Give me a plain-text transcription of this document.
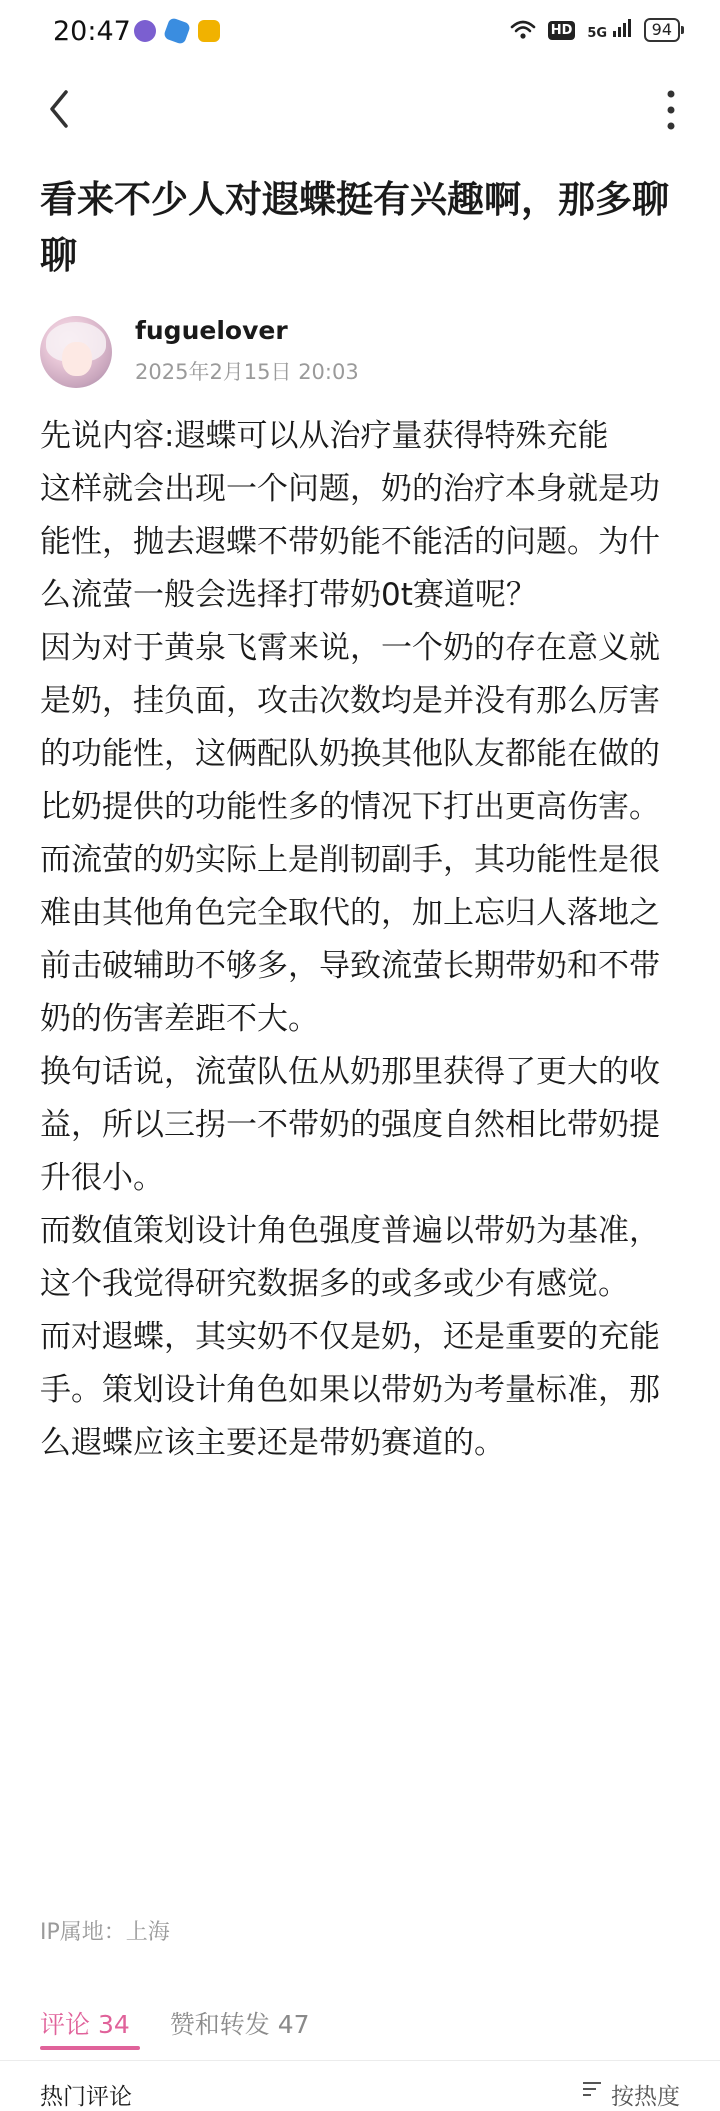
20:47	HD 5G	94
看来不少人对遐蝶挺有兴趣啊，那多聊聊
fuguelover
2025年2月15日 20:03

先说内容:遐蝶可以从治疗量获得特殊充能

这样就会出现一个问题，奶的治疗本身就是功能性，抛去遐蝶不带奶能不能活的问题。为什么流萤一般会选择打带奶0t赛道呢？

因为对于黄泉飞霄来说，一个奶的存在意义就是奶，挂负面，攻击次数均是并没有那么厉害的功能性，这俩配队奶换其他队友都能在做的比奶提供的功能性多的情况下打出更高伤害。

而流萤的奶实际上是削韧副手，其功能性是很难由其他角色完全取代的，加上忘归人落地之前击破辅助不够多，导致流萤长期带奶和不带奶的伤害差距不大。

换句话说，流萤队伍从奶那里获得了更大的收益，所以三拐一不带奶的强度自然相比带奶提升很小。

而数值策划设计角色强度普遍以带奶为基准，这个我觉得研究数据多的或多或少有感觉。

而对遐蝶，其实奶不仅是奶，还是重要的充能手。策划设计角色如果以带奶为考量标准，那么遐蝶应该主要还是带奶赛道的。

IP属地：上海
评论 34 赞和转发 47
热门评论	按热度
